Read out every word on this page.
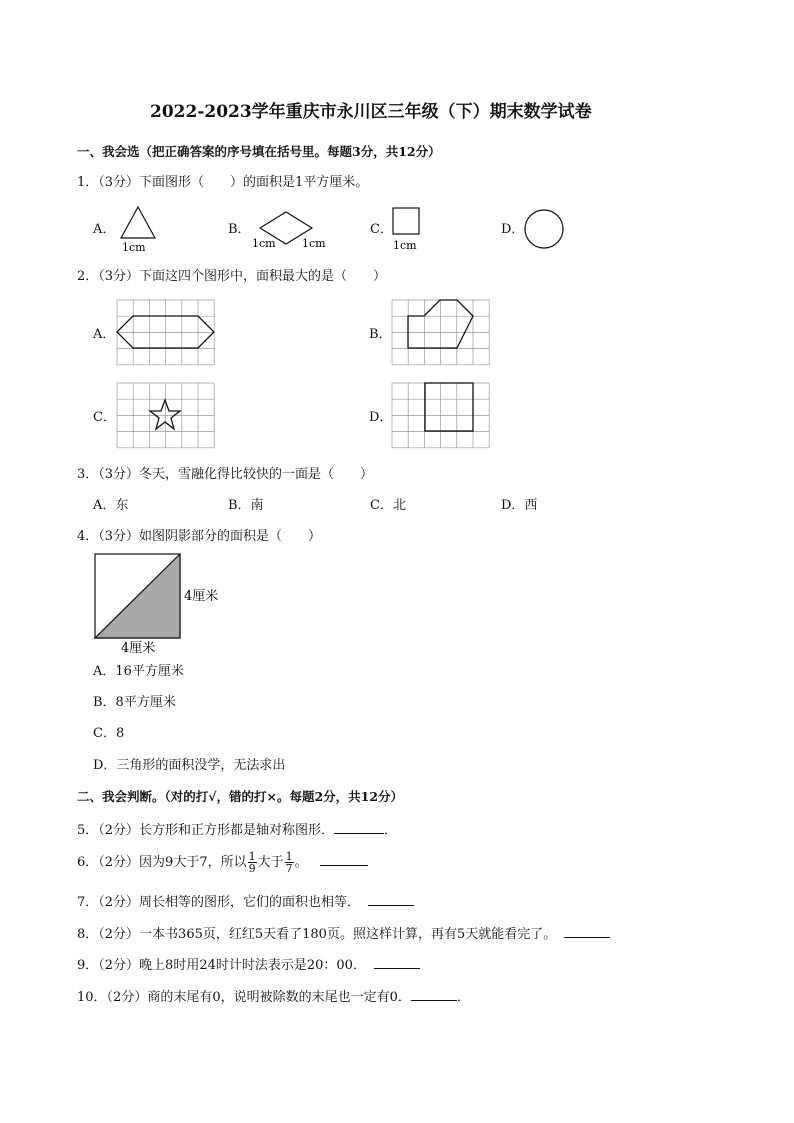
2022-2023学年重庆市永川区三年级（下）期末数学试卷
一、我会选（把正确答案的序号填在括号里。每题3分，共12分）
1．（3分）下面图形（　　）的面积是1平方厘米。
A．
1cm
B．
1cm 1cm
C．
1cm
D．
2．（3分）下面这四个图形中，面积最大的是（　　）
A．	B．
C．	D．
3．（3分）冬天，雪融化得比较快的一面是（　　）
A．东	B．南	C．北	D．西
4．（3分）如图阴影部分的面积是（　　）
4厘米
4厘米
A．16平方厘米
B．8平方厘米
C．8
D．三角形的面积没学，无法求出
二、我会判断。（对的打√，错的打×。每题2分，共12分）
5．（2分）长方形和正方形都是轴对称图形．	．
6．（2分）因为9大于7，所以 $\frac{1}{9}$ 大于 $\frac{1}{7}$ 。
7．（2分）周长相等的图形，它们的面积也相等．
8．（2分）一本书365页，红红5天看了180页。照这样计算，再有5天就能看完了。
9．（2分）晚上8时用24时计时法表示是20：00．
10．（2分）商的末尾有0，说明被除数的末尾也一定有0．	．
